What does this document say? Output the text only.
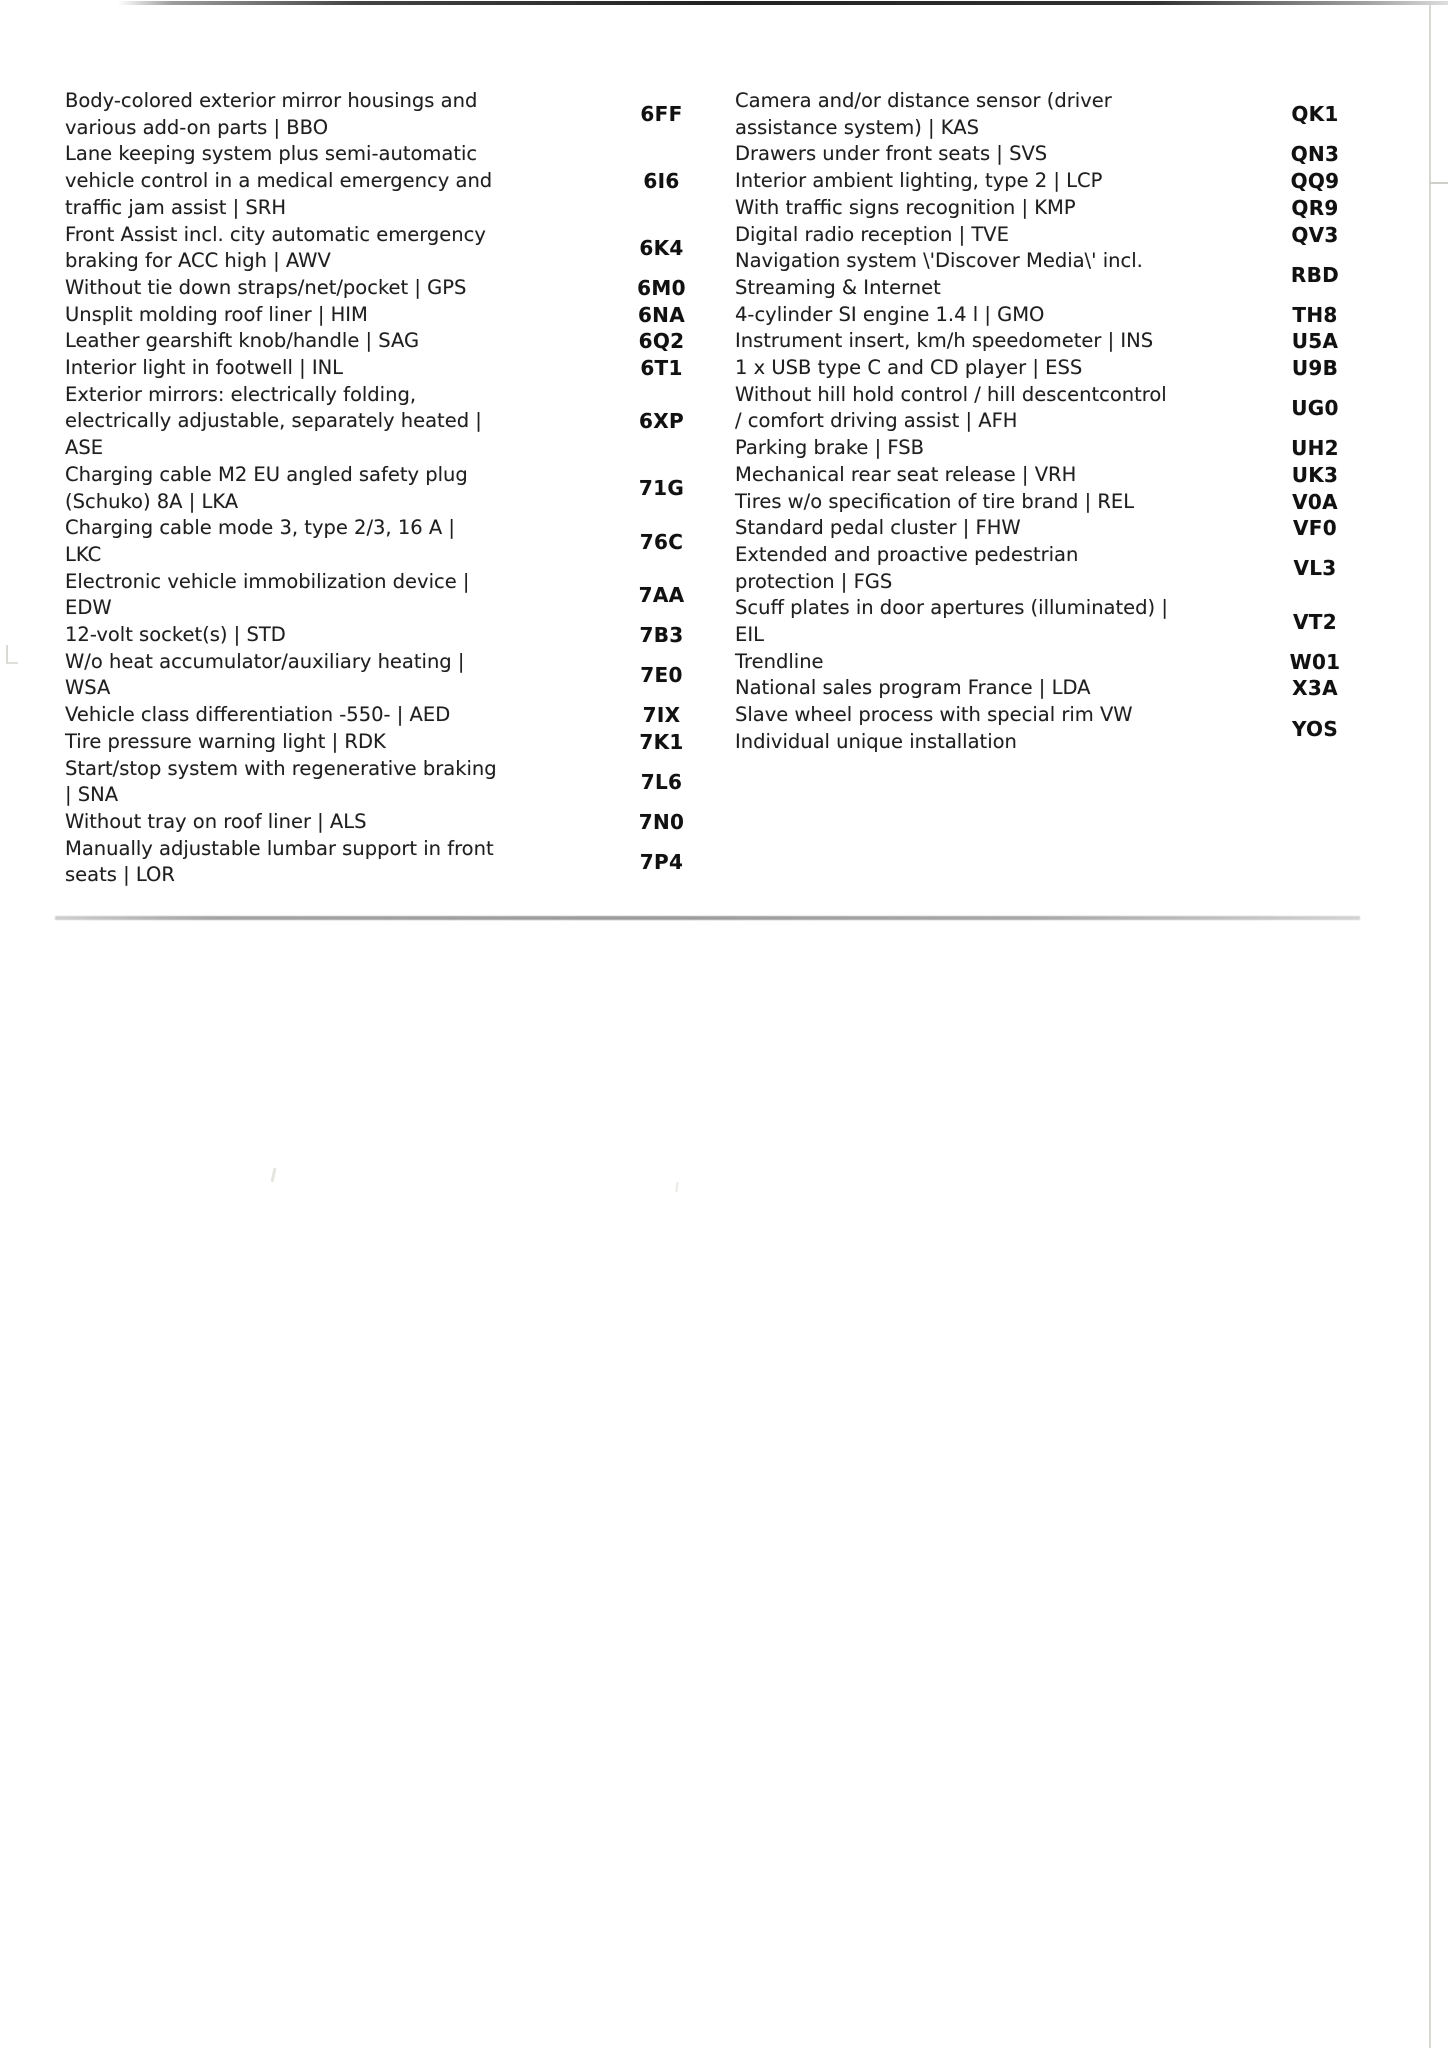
Body-colored exterior mirror housings and
various add-on parts | BBO
6FF
Lane keeping system plus semi-automatic
vehicle control in a medical emergency and
traffic jam assist | SRH
6I6
Front Assist incl. city automatic emergency
braking for ACC high | AWV
6K4
Without tie down straps/net/pocket | GPS	6M0
Unsplit molding roof liner | HIM	6NA
Leather gearshift knob/handle | SAG	6Q2
Interior light in footwell | INL	6T1
Exterior mirrors: electrically folding,
electrically adjustable, separately heated |
ASE
6XP
Charging cable M2 EU angled safety plug
(Schuko) 8A | LKA
71G
Charging cable mode 3, type 2/3, 16 A |
LKC
76C
Electronic vehicle immobilization device |
EDW
7AA
12-volt socket(s) | STD	7B3
W/o heat accumulator/auxiliary heating |
WSA
7E0
Vehicle class differentiation -550- | AED	7IX
Tire pressure warning light | RDK	7K1
Start/stop system with regenerative braking
| SNA
7L6
Without tray on roof liner | ALS	7N0
Manually adjustable lumbar support in front
seats | LOR
7P4
Camera and/or distance sensor (driver
assistance system) | KAS
QK1
Drawers under front seats | SVS	QN3
Interior ambient lighting, type 2 | LCP	QQ9
With traffic signs recognition | KMP	QR9
Digital radio reception | TVE	QV3
Navigation system \'Discover Media\' incl.
Streaming & Internet
RBD
4-cylinder SI engine 1.4 l | GMO	TH8
Instrument insert, km/h speedometer | INS	U5A
1 x USB type C and CD player | ESS	U9B
Without hill hold control / hill descentcontrol
/ comfort driving assist | AFH
UG0
Parking brake | FSB	UH2
Mechanical rear seat release | VRH	UK3
Tires w/o specification of tire brand | REL	V0A
Standard pedal cluster | FHW	VF0
Extended and proactive pedestrian
protection | FGS
VL3
Scuff plates in door apertures (illuminated) |
EIL
VT2
Trendline	W01
National sales program France | LDA	X3A
Slave wheel process with special rim VW
Individual unique installation
YOS
